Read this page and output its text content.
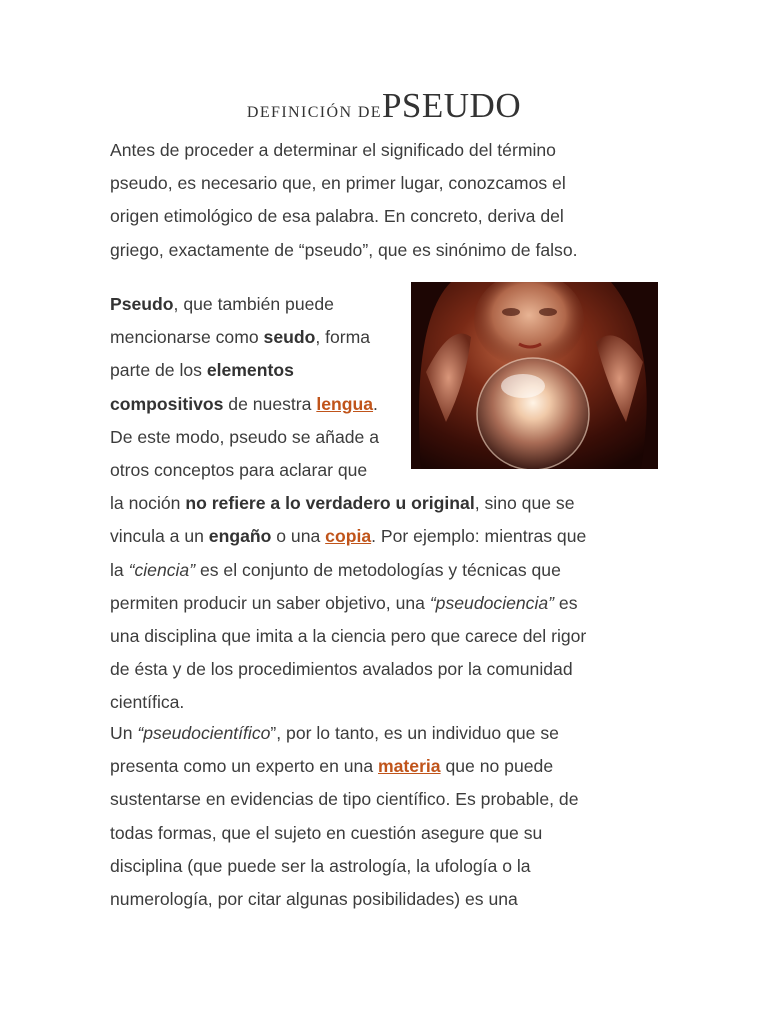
DEFINICIÓN DEPSEUDO
Antes de proceder a determinar el significado del término
pseudo, es necesario que, en primer lugar, conozcamos el
origen etimológico de esa palabra. En concreto, deriva del
griego, exactamente de “pseudo”, que es sinónimo de falso.
Pseudo, que también puede
mencionarse como seudo, forma
parte de los elementos
compositivos de nuestra lengua.
De este modo, pseudo se añade a
otros conceptos para aclarar que
la noción no refiere a lo verdadero u original, sino que se
vincula a un engaño o una copia. Por ejemplo: mientras que
la “ciencia” es el conjunto de metodologías y técnicas que
permiten producir un saber objetivo, una “pseudociencia” es
una disciplina que imita a la ciencia pero que carece del rigor
de ésta y de los procedimientos avalados por la comunidad
científica.
Un “pseudocientífico”, por lo tanto, es un individuo que se
presenta como un experto en una materia que no puede
sustentarse en evidencias de tipo científico. Es probable, de
todas formas, que el sujeto en cuestión asegure que su
disciplina (que puede ser la astrología, la ufología o la
numerología, por citar algunas posibilidades) es una
